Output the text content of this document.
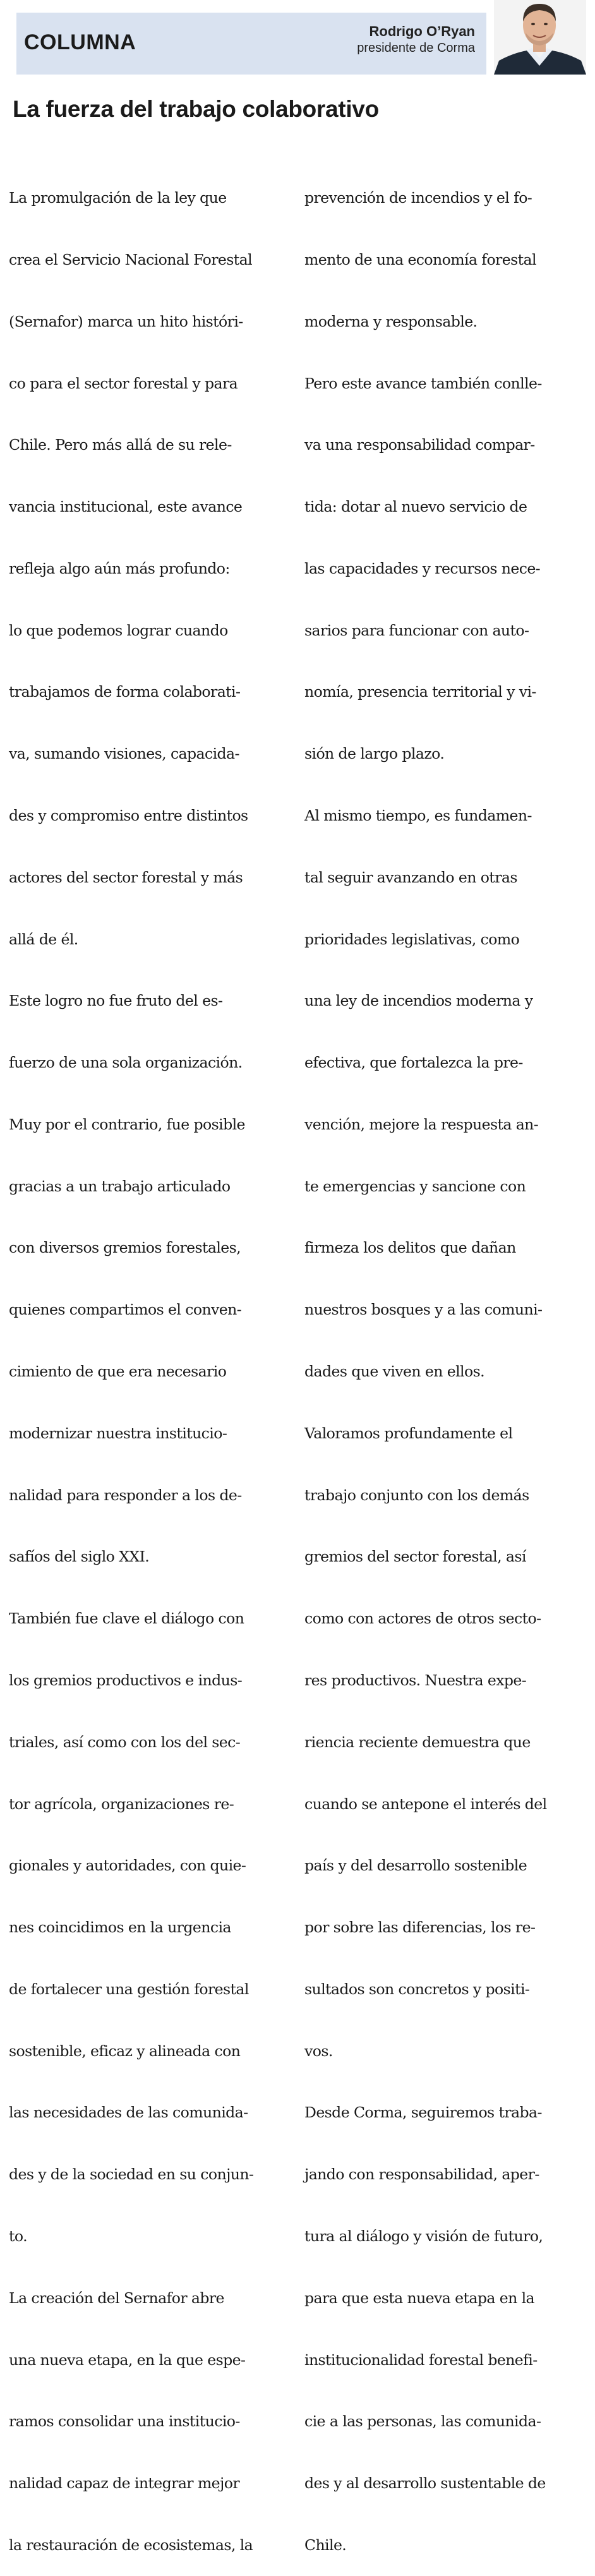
COLUMNA	Rodrigo O’Ryan
presidente de Corma
La fuerza del trabajo colaborativo

La promulgación de la ley que

crea el Servicio Nacional Forestal

(Sernafor) marca un hito históri-

co para el sector forestal y para

Chile. Pero más allá de su rele-

vancia institucional, este avance

refleja algo aún más profundo:

lo que podemos lograr cuando

trabajamos de forma colaborati-

va, sumando visiones, capacida-

des y compromiso entre distintos

actores del sector forestal y más

allá de él.

Este logro no fue fruto del es-

fuerzo de una sola organización.

Muy por el contrario, fue posible

gracias a un trabajo articulado

con diversos gremios forestales,

quienes compartimos el conven-

cimiento de que era necesario

modernizar nuestra institucio-

nalidad para responder a los de-

safíos del siglo XXI.

También fue clave el diálogo con

los gremios productivos e indus-

triales, así como con los del sec-

tor agrícola, organizaciones re-

gionales y autoridades, con quie-

nes coincidimos en la urgencia

de fortalecer una gestión forestal

sostenible, eficaz y alineada con

las necesidades de las comunida-

des y de la sociedad en su conjun-

to.

La creación del Sernafor abre

una nueva etapa, en la que espe-

ramos consolidar una institucio-

nalidad capaz de integrar mejor

la restauración de ecosistemas, la

prevención de incendios y el fo-

mento de una economía forestal

moderna y responsable.

Pero este avance también conlle-

va una responsabilidad compar-

tida: dotar al nuevo servicio de

las capacidades y recursos nece-

sarios para funcionar con auto-

nomía, presencia territorial y vi-

sión de largo plazo.

Al mismo tiempo, es fundamen-

tal seguir avanzando en otras

prioridades legislativas, como

una ley de incendios moderna y

efectiva, que fortalezca la pre-

vención, mejore la respuesta an-

te emergencias y sancione con

firmeza los delitos que dañan

nuestros bosques y a las comuni-

dades que viven en ellos.

Valoramos profundamente el

trabajo conjunto con los demás

gremios del sector forestal, así

como con actores de otros secto-

res productivos. Nuestra expe-

riencia reciente demuestra que

cuando se antepone el interés del

país y del desarrollo sostenible

por sobre las diferencias, los re-

sultados son concretos y positi-

vos.

Desde Corma, seguiremos traba-

jando con responsabilidad, aper-

tura al diálogo y visión de futuro,

para que esta nueva etapa en la

institucionalidad forestal benefi-

cie a las personas, las comunida-

des y al desarrollo sustentable de

Chile.
